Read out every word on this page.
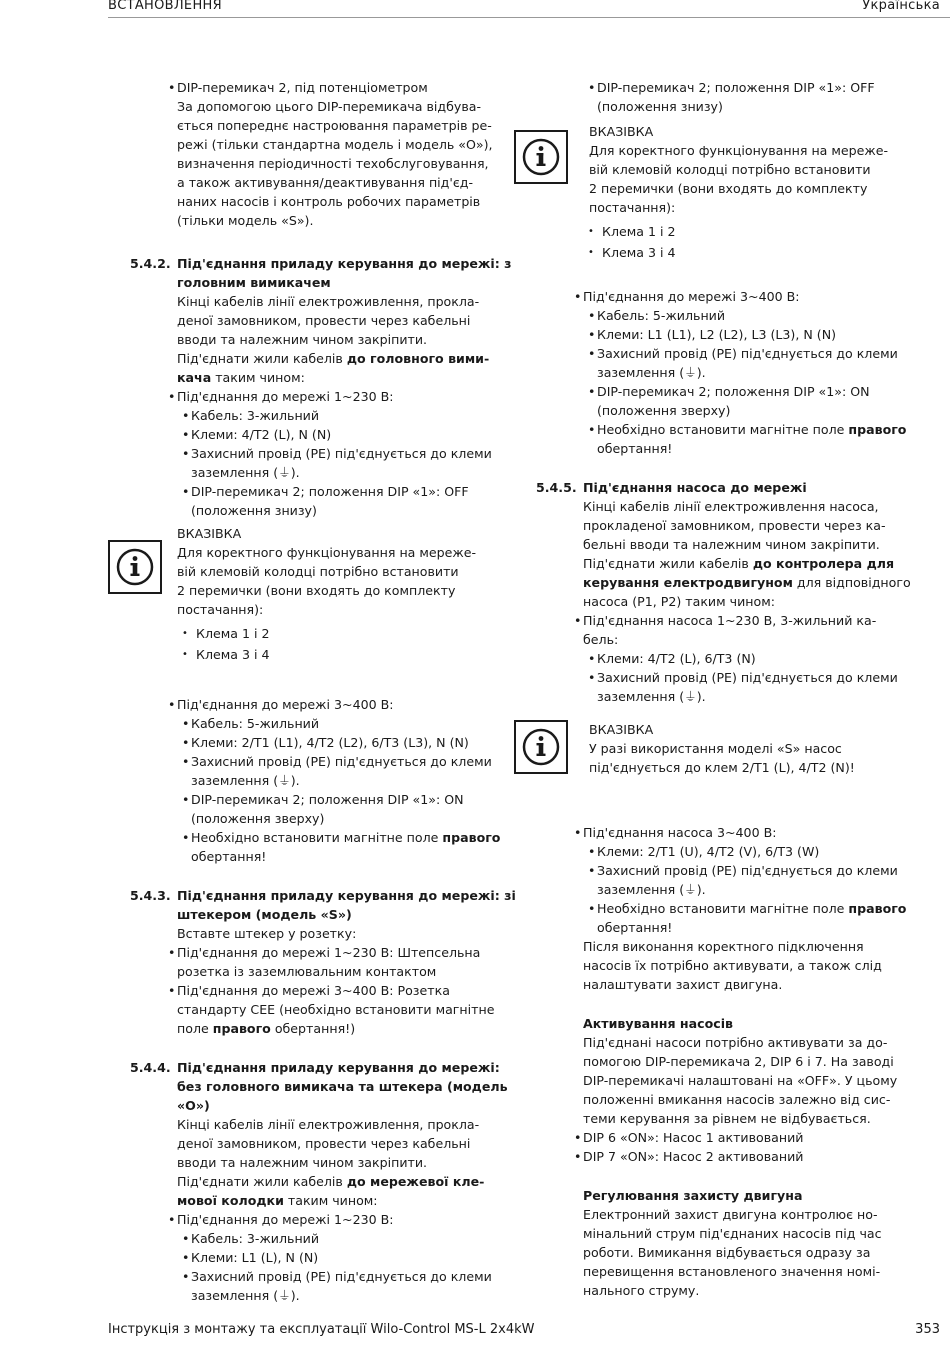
ВСТАНОВЛЕННЯ	Українська
• DIP-перемикач 2, під потенціометром

За допомогою цього DIP-перемикача відбува-

ється попереднє настроювання параметрів ре-

режі (тільки стандартна модель і модель «O»),

визначення періодичності техобслуговування,

а також активування/деактивування під'єд-

наних насосів і контроль робочих параметрів

(тільки модель «S»).

5.4.2. Під'єднання приладу керування до мережі: з
головним вимикачем

Кінці кабелів лінії електроживлення, прокла-

деної замовником, провести через кабельні

вводи та належним чином закріпити.

Під'єднати жили кабелів до головного вими-

кача таким чином:

• Під'єднання до мережі 1~230 В:
• Кабель: 3-жильний
• Клеми: 4/T2 (L), N (N)
• Захисний провід (PE) під'єднується до клеми
заземлення (⏚).
• DIP-перемикач 2; положення DIP «1»: OFF
(положення знизу)
ВКАЗІВКА
Для коректного функціонування на мереже-
вій клемовій колодці потрібно встановити
2 перемички (вони входять до комплекту
постачання):
• Клема 1 і 2
• Клема 3 і 4
• Під'єднання до мережі 3~400 В:
• Кабель: 5-жильний
• Клеми: 2/T1 (L1), 4/T2 (L2), 6/T3 (L3), N (N)
• Захисний провід (PE) під'єднується до клеми
заземлення (⏚).
• DIP-перемикач 2; положення DIP «1»: ON
(положення зверху)
• Необхідно встановити магнітне поле правого
обертання!
5.4.3. Під'єднання приладу керування до мережі: зі
штекером (модель «S»)

Вставте штекер у розетку:

• Під'єднання до мережі 1~230 В: Штепсельна

розетка із заземлювальним контактом

• Під'єднання до мережі 3~400 В: Розетка

стандарту CEE (необхідно встановити магнітне

поле правого обертання!)

5.4.4. Під'єднання приладу керування до мережі:
без головного вимикача та штекера (модель
«O»)

Кінці кабелів лінії електроживлення, прокла-

деної замовником, провести через кабельні

вводи та належним чином закріпити.

Під'єднати жили кабелів до мережевої кле-

мової колодки таким чином:

• Під'єднання до мережі 1~230 В:
• Кабель: 3-жильний
• Клеми: L1 (L), N (N)
• Захисний провід (PE) під'єднується до клеми
заземлення (⏚).
• DIP-перемикач 2; положення DIP «1»: OFF
(положення знизу)
ВКАЗІВКА
Для коректного функціонування на мереже-
вій клемовій колодці потрібно встановити
2 перемички (вони входять до комплекту
постачання):
• Клема 1 і 2
• Клема 3 і 4
• Під'єднання до мережі 3~400 В:
• Кабель: 5-жильний
• Клеми: L1 (L1), L2 (L2), L3 (L3), N (N)
• Захисний провід (PE) під'єднується до клеми
заземлення (⏚).
• DIP-перемикач 2; положення DIP «1»: ON
(положення зверху)
• Необхідно встановити магнітне поле правого
обертання!
5.4.5. Під'єднання насоса до мережі

Кінці кабелів лінії електроживлення насоса,

прокладеної замовником, провести через ка-

бельні вводи та належним чином закріпити.

Під'єднати жили кабелів до контролера для

керування електродвигуном для відповідного

насоса (P1, P2) таким чином:

• Під'єднання насоса 1~230 В, 3-жильний ка-

бель:

• Клеми: 4/T2 (L), 6/T3 (N)
• Захисний провід (PE) під'єднується до клеми
заземлення (⏚).
ВКАЗІВКА
У разі використання моделі «S» насос
під'єднується до клем 2/T1 (L), 4/T2 (N)!
• Під'єднання насоса 3~400 В:
• Клеми: 2/T1 (U), 4/T2 (V), 6/T3 (W)
• Захисний провід (PE) під'єднується до клеми
заземлення (⏚).
• Необхідно встановити магнітне поле правого
обертання!

Після виконання коректного підключення

насосів їх потрібно активувати, а також слід

налаштувати захист двигуна.

Активування насосів

Під'єднані насоси потрібно активувати за до-

помогою DIP-перемикача 2, DIP 6 і 7. На заводі

DIP-перемикачі налаштовані на «OFF». У цьому

положенні вмикання насосів залежно від сис-

теми керування за рівнем не відбувається.

• DIP 6 «ON»: Насос 1 активований
• DIP 7 «ON»: Насос 2 активований
Регулювання захисту двигуна

Електронний захист двигуна контролює но-

мінальний струм під'єднаних насосів під час

роботи. Вимикання відбувається одразу за

перевищення встановленого значення номі-

нального струму.

Інструкція з монтажу та експлуатації Wilo-Control MS-L 2x4kW	353
